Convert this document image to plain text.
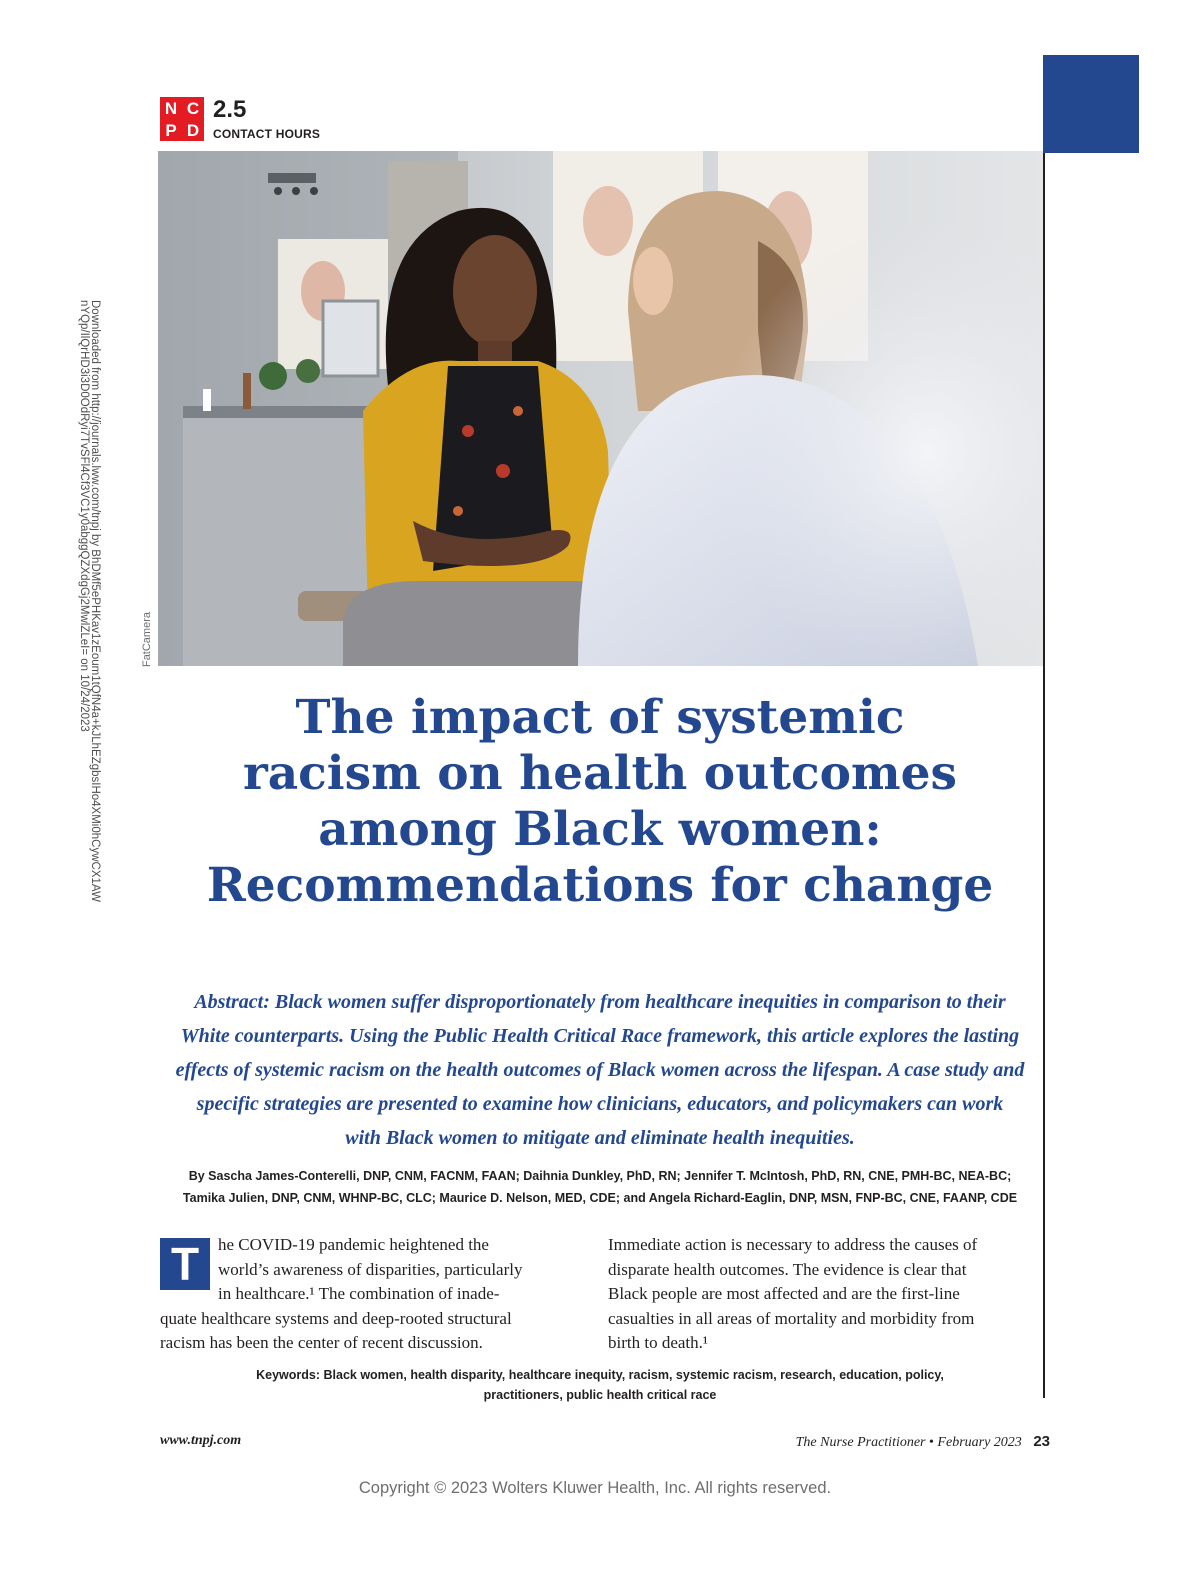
N C
P D
2.5
CONTACT HOURS
Downloaded from http://journals.lww.com/tnpj by BhDMf5ePHKav1zEoum1tQfN4a+kJLhEZgbsIHo4XMi0hCywCX1AW
nYQp/IlQrHD3i3D0OdRyi7TvSFl4Cf3VC1y0abggQZXdgGj2MwlZLeI= on 10/24/2023	FatCamera
The impact of systemic
racism on health outcomes
among Black women:
Recommendations for change
Abstract: Black women suffer disproportionately from healthcare inequities in comparison to their
White counterparts. Using the Public Health Critical Race framework, this article explores the lasting
effects of systemic racism on the health outcomes of Black women across the lifespan. A case study and
specific strategies are presented to examine how clinicians, educators, and policymakers can work
with Black women to mitigate and eliminate health inequities.
By Sascha James-Conterelli, DNP, CNM, FACNM, FAAN; Daihnia Dunkley, PhD, RN; Jennifer T. McIntosh, PhD, RN, CNE, PMH-BC, NEA-BC;
Tamika Julien, DNP, CNM, WHNP-BC, CLC; Maurice D. Nelson, MED, CDE; and Angela Richard-Eaglin, DNP, MSN, FNP-BC, CNE, FAANP, CDE
T	he COVID-19 pandemic heightened the
world’s awareness of disparities, particularly
in healthcare.¹ The combination of inade-
quate healthcare systems and deep-rooted structural
racism has been the center of recent discussion.
Immediate action is necessary to address the causes of
disparate health outcomes. The evidence is clear that
Black people are most affected and are the first-line
casualties in all areas of mortality and morbidity from
birth to death.¹
Keywords: Black women, health disparity, healthcare inequity, racism, systemic racism, research, education, policy,
practitioners, public health critical race
www.tnpj.com	The Nurse Practitioner • February 2023 23
Copyright © 2023 Wolters Kluwer Health, Inc. All rights reserved.
